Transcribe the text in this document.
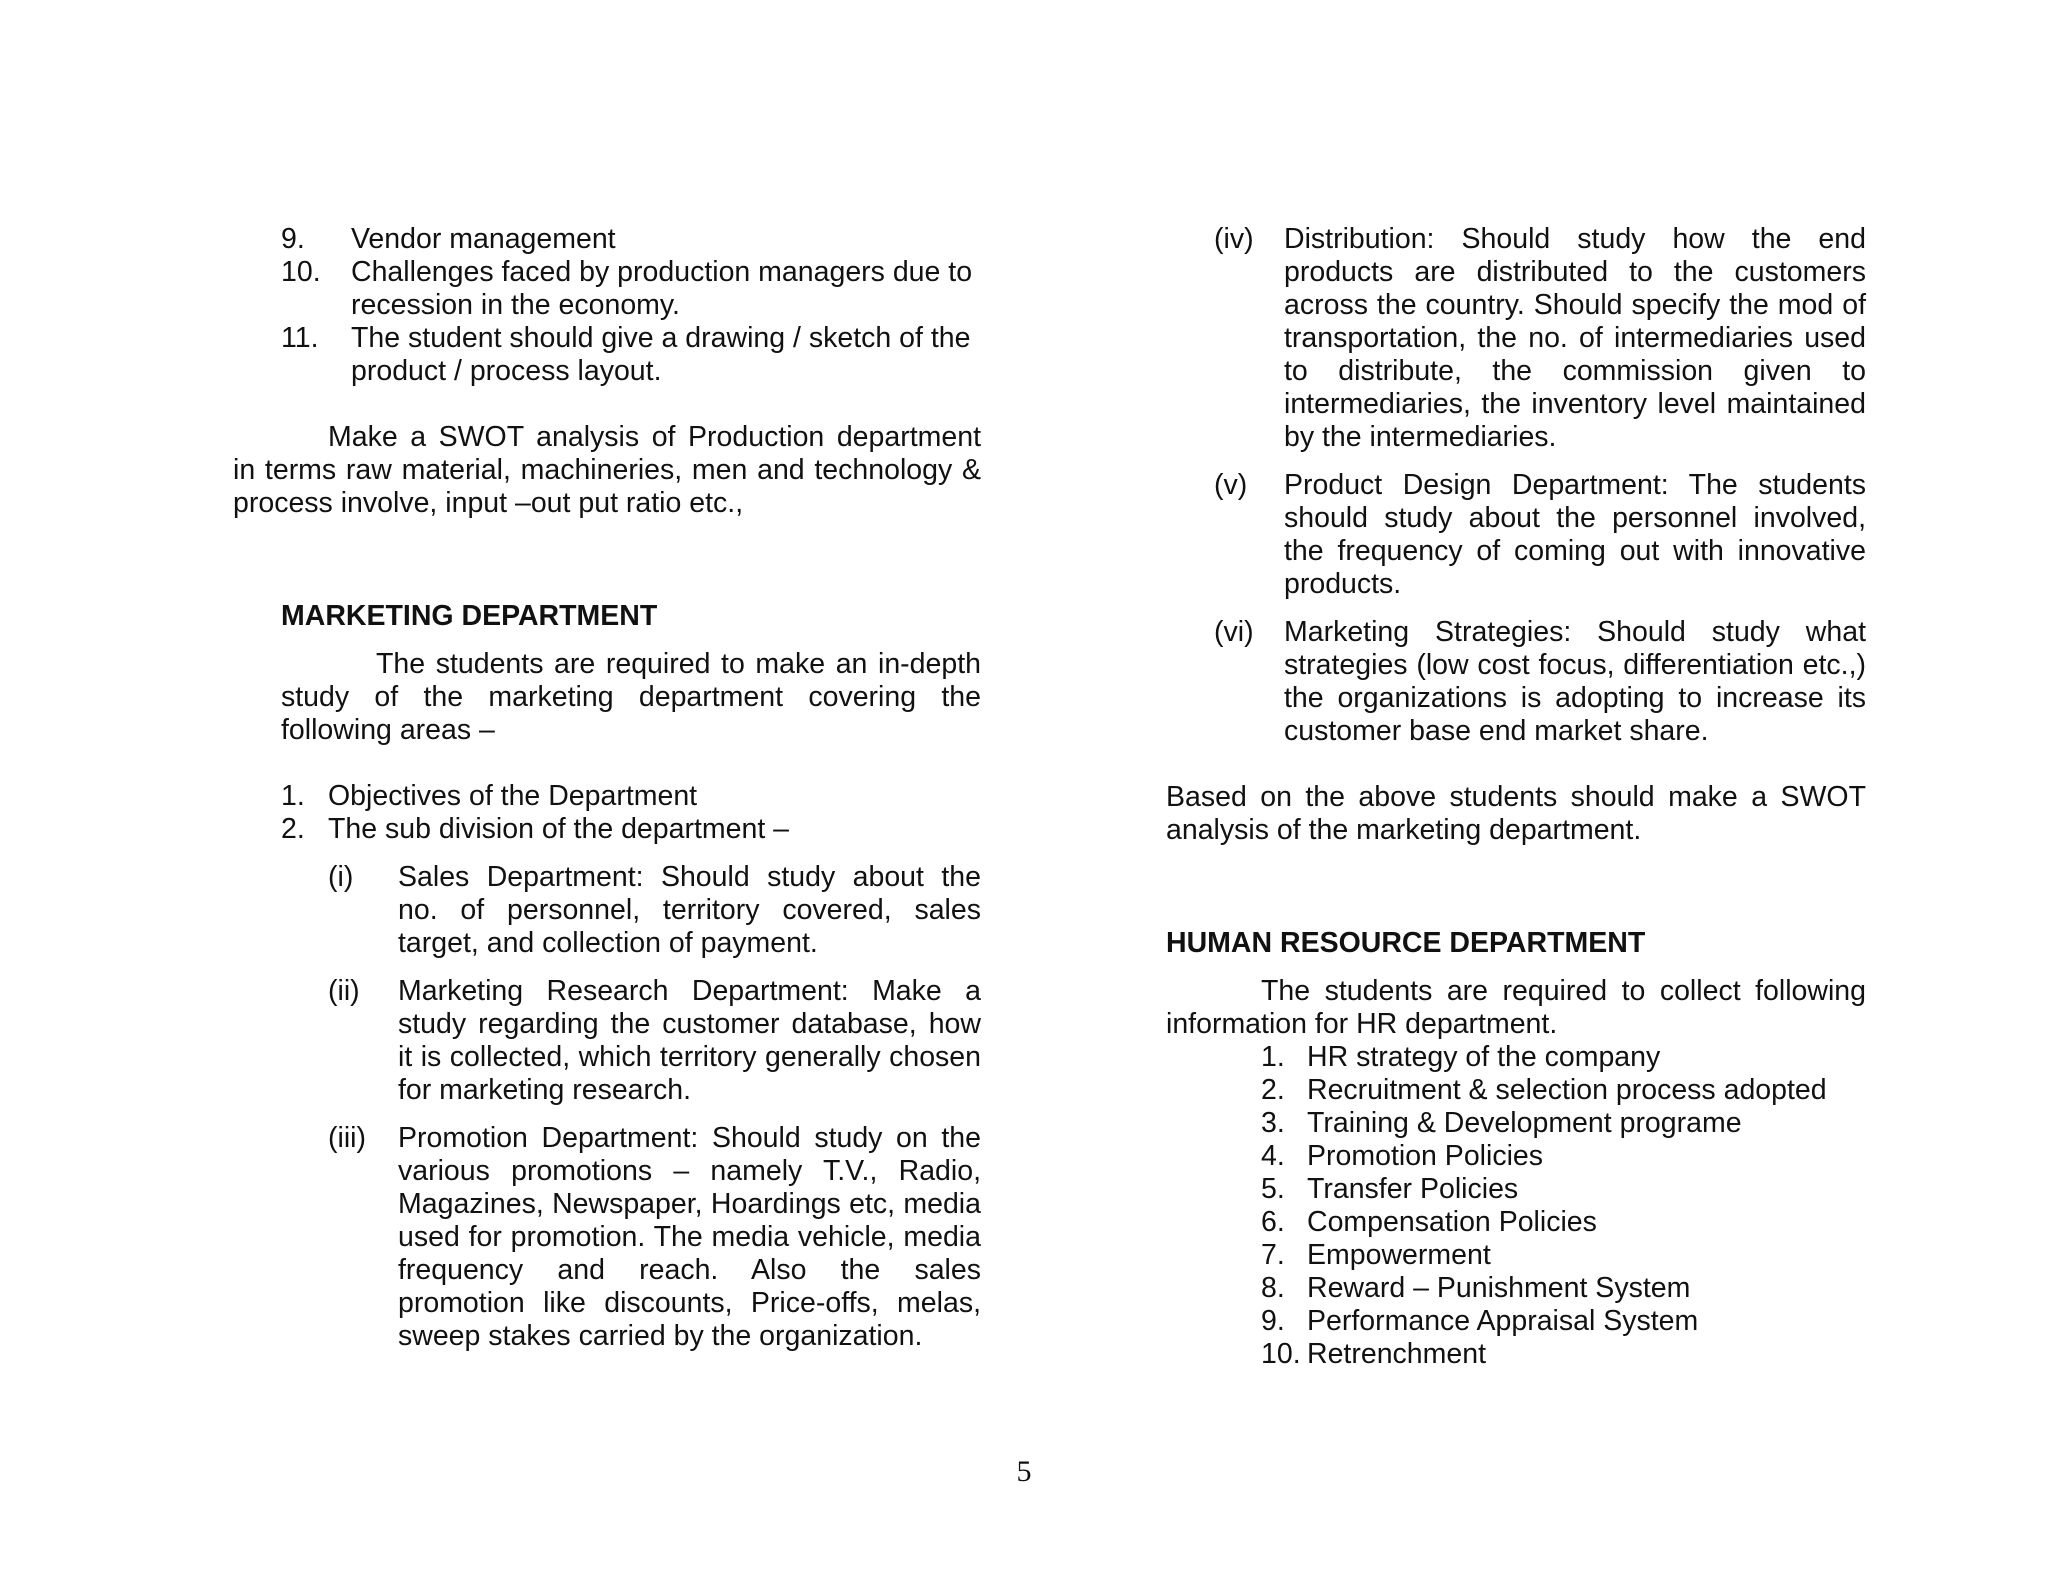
9.	Vendor management
10.	Challenges faced by production managers due to recession in the economy.
11.	The student should give a drawing / sketch of the product / process layout.

Make a SWOT analysis of Production department in terms raw material, machineries, men and technology & process involve, input –out put ratio etc.,

MARKETING DEPARTMENT

The students are required to make an in-depth study of the marketing department covering the following areas –

1. Objectives of the Department
2. The sub division of the department –
(i)	Sales Department: Should study about the no. of personnel, territory covered, sales target, and collection of payment.
(ii)	Marketing Research Department: Make a study regarding the customer database, how it is collected, which territory generally chosen for marketing research.
(iii)	Promotion Department: Should study on the various promotions – namely T.V., Radio, Magazines, Newspaper, Hoardings etc, media used for promotion. The media vehicle, media frequency and reach. Also the sales promotion like discounts, Price-offs, melas, sweep stakes carried by the organization.
(iv)	Distribution: Should study how the end products are distributed to the customers across the country. Should specify the mod of transportation, the no. of intermediaries used to distribute, the commission given to intermediaries, the inventory level maintained by the intermediaries.
(v)	Product Design Department: The students should study about the personnel involved, the frequency of coming out with innovative products.
(vi)	Marketing Strategies: Should study what strategies (low cost focus, differentiation etc.,) the organizations is adopting to increase its customer base end market share.

Based on the above students should make a SWOT analysis of the marketing department.

HUMAN RESOURCE DEPARTMENT

The students are required to collect following information for HR department.

1. HR strategy of the company
2. Recruitment & selection process adopted
3. Training & Development programe
4. Promotion Policies
5. Transfer Policies
6. Compensation Policies
7. Empowerment
8. Reward – Punishment System
9. Performance Appraisal System
10. Retrenchment
5
